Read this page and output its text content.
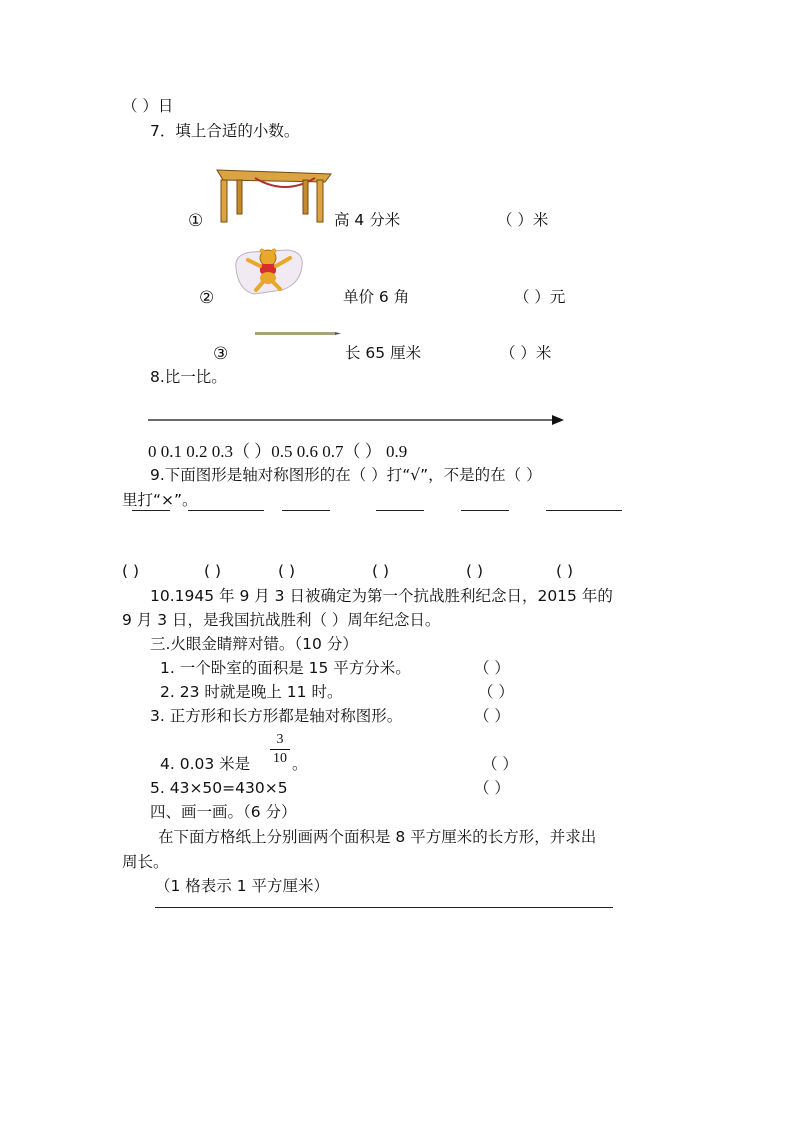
（ ）日
7．填上合适的小数。
①	高 4 分米	（ ）米
②	单价 6 角	（ ）元
③	长 65 厘米	（ ）米
8.比一比。
0 0.1 0.2 0.3（ ）0.5 0.6 0.7（ ） 0.9
9.下面图形是轴对称图形的在（ ）打“√”，不是的在（ ）
里打“×”。
( )	( )	( )	( )	( )	( )
10.1945 年 9 月 3 日被确定为第一个抗战胜利纪念日，2015 年的
9 月 3 日，是我国抗战胜利（ ）周年纪念日。
三.火眼金睛辩对错。（10 分）
1. 一个卧室的面积是 15 平方分米。	（ ）
2. 23 时就是晚上 11 时。	（ ）
3. 正方形和长方形都是轴对称图形。	（ ）
4. 0.03 米是
3
10 。	（ ）
5. 43×50=430×5	（ ）
四、画一画。（6 分）
在下面方格纸上分别画两个面积是 8 平方厘米的长方形，并求出
周长。
（1 格表示 1 平方厘米）
